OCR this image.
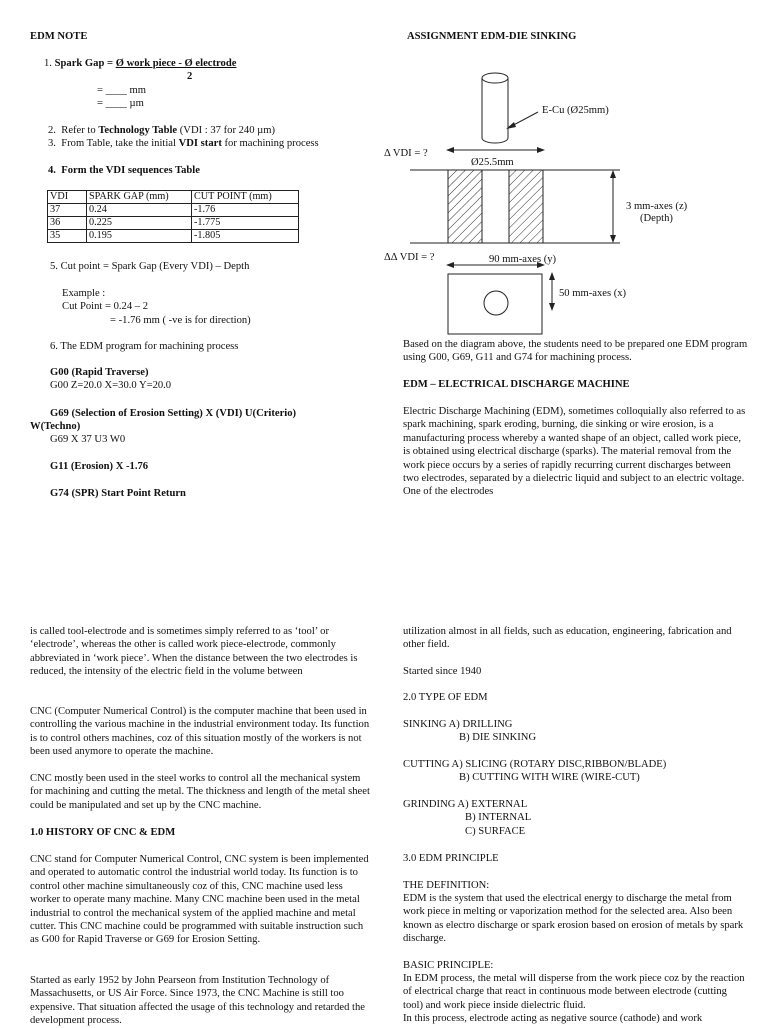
EDM NOTE
1. Spark Gap = Ø work piece - Ø electrode
2
= ____ mm
= ____ µm
2. Refer to Technology Table (VDI : 37 for 240 µm)
3. From Table, take the initial VDI start for machining process
4. Form the VDI sequences Table
VDI	SPARK GAP (mm)	CUT POINT (mm)
37	0.24	-1.76
36	0.225	-1.775
35	0.195	-1.805
5. Cut point = Spark Gap (Every VDI) – Depth
Example :
Cut Point = 0.24 – 2
= -1.76 mm ( -ve is for direction)
6. The EDM program for machining process
G00 (Rapid Traverse)
G00 Z=20.0 X=30.0 Y=20.0
G69 (Selection of Erosion Setting) X (VDI) U(Criterio)
W(Techno)
G69 X 37 U3 W0
G11 (Erosion) X -1.76
G74 (SPR) Start Point Return
ASSIGNMENT EDM-DIE SINKING
E-Cu (Ø25mm)
Δ VDI = ?
Ø25.5mm
3 mm-axes (z)
(Depth)
ΔΔ VDI = ?	90 mm-axes (y)
50 mm-axes (x)

Based on the diagram above, the students need to be prepared one EDM program using G00, G69, G11 and G74 for machining process.

EDM – ELECTRICAL DISCHARGE MACHINE

Electric Discharge Machining (EDM), sometimes colloquially also referred to as spark machining, spark eroding, burning, die sinking or wire erosion, is a manufacturing process whereby a wanted shape of an object, called work piece, is obtained using electrical discharge (sparks). The material removal from the work piece occurs by a series of rapidly recurring current discharges between two electrodes, separated by a dielectric liquid and subject to an electric voltage. One of the electrodes

is called tool-electrode and is sometimes simply referred to as ‘tool’ or ‘electrode’, whereas the other is called work piece-electrode, commonly abbreviated in ‘work piece’. When the distance between the two electrodes is reduced, the intensity of the electric field in the volume between

CNC (Computer Numerical Control) is the computer machine that been used in controlling the various machine in the industrial environment today. Its function is to control others machines, coz of this situation mostly of the workers is not been used anymore to operate the machine.

CNC mostly been used in the steel works to control all the mechanical system for machining and cutting the metal. The thickness and length of the metal sheet could be manipulated and set up by the CNC machine.

1.0 HISTORY OF CNC & EDM

CNC stand for Computer Numerical Control, CNC system is been implemented and operated to automatic control the industrial world today. Its function is to control other machine simultaneously coz of this, CNC machine used less worker to operate many machine. Many CNC machine been used in the metal industrial to control the mechanical system of the applied machine and metal cutter. This CNC machine could be programmed with suitable instruction such as G00 for Rapid Traverse or G69 for Erosion Setting.

Started as early 1952 by John Pearseon from Institution Technology of Massachusetts, or US Air Force. Since 1973, the CNC Machine is still too expensive. That situation affected the usage of this technology and retarded the development process.

utilization almost in all fields, such as education, engineering, fabrication and other field.

Started since 1940
2.0 TYPE OF EDM
SINKING A) DRILLING
B) DIE SINKING
CUTTING A) SLICING (ROTARY DISC,RIBBON/BLADE)
B) CUTTING WITH WIRE (WIRE-CUT)
GRINDING A) EXTERNAL
B) INTERNAL
C) SURFACE
3.0 EDM PRINCIPLE
THE DEFINITION:

EDM is the system that used the electrical energy to discharge the metal from work piece in melting or vaporization method for the selected area. Also been known as electro discharge or spark erosion based on erosion of metals by spark discharge.

BASIC PRINCIPLE:

In EDM process, the metal will disperse from the work piece coz by the reaction of electrical charge that react in continuous mode between electrode (cutting tool) and work piece inside dielectric fluid.

In this process, electrode acting as negative source (cathode) and work
